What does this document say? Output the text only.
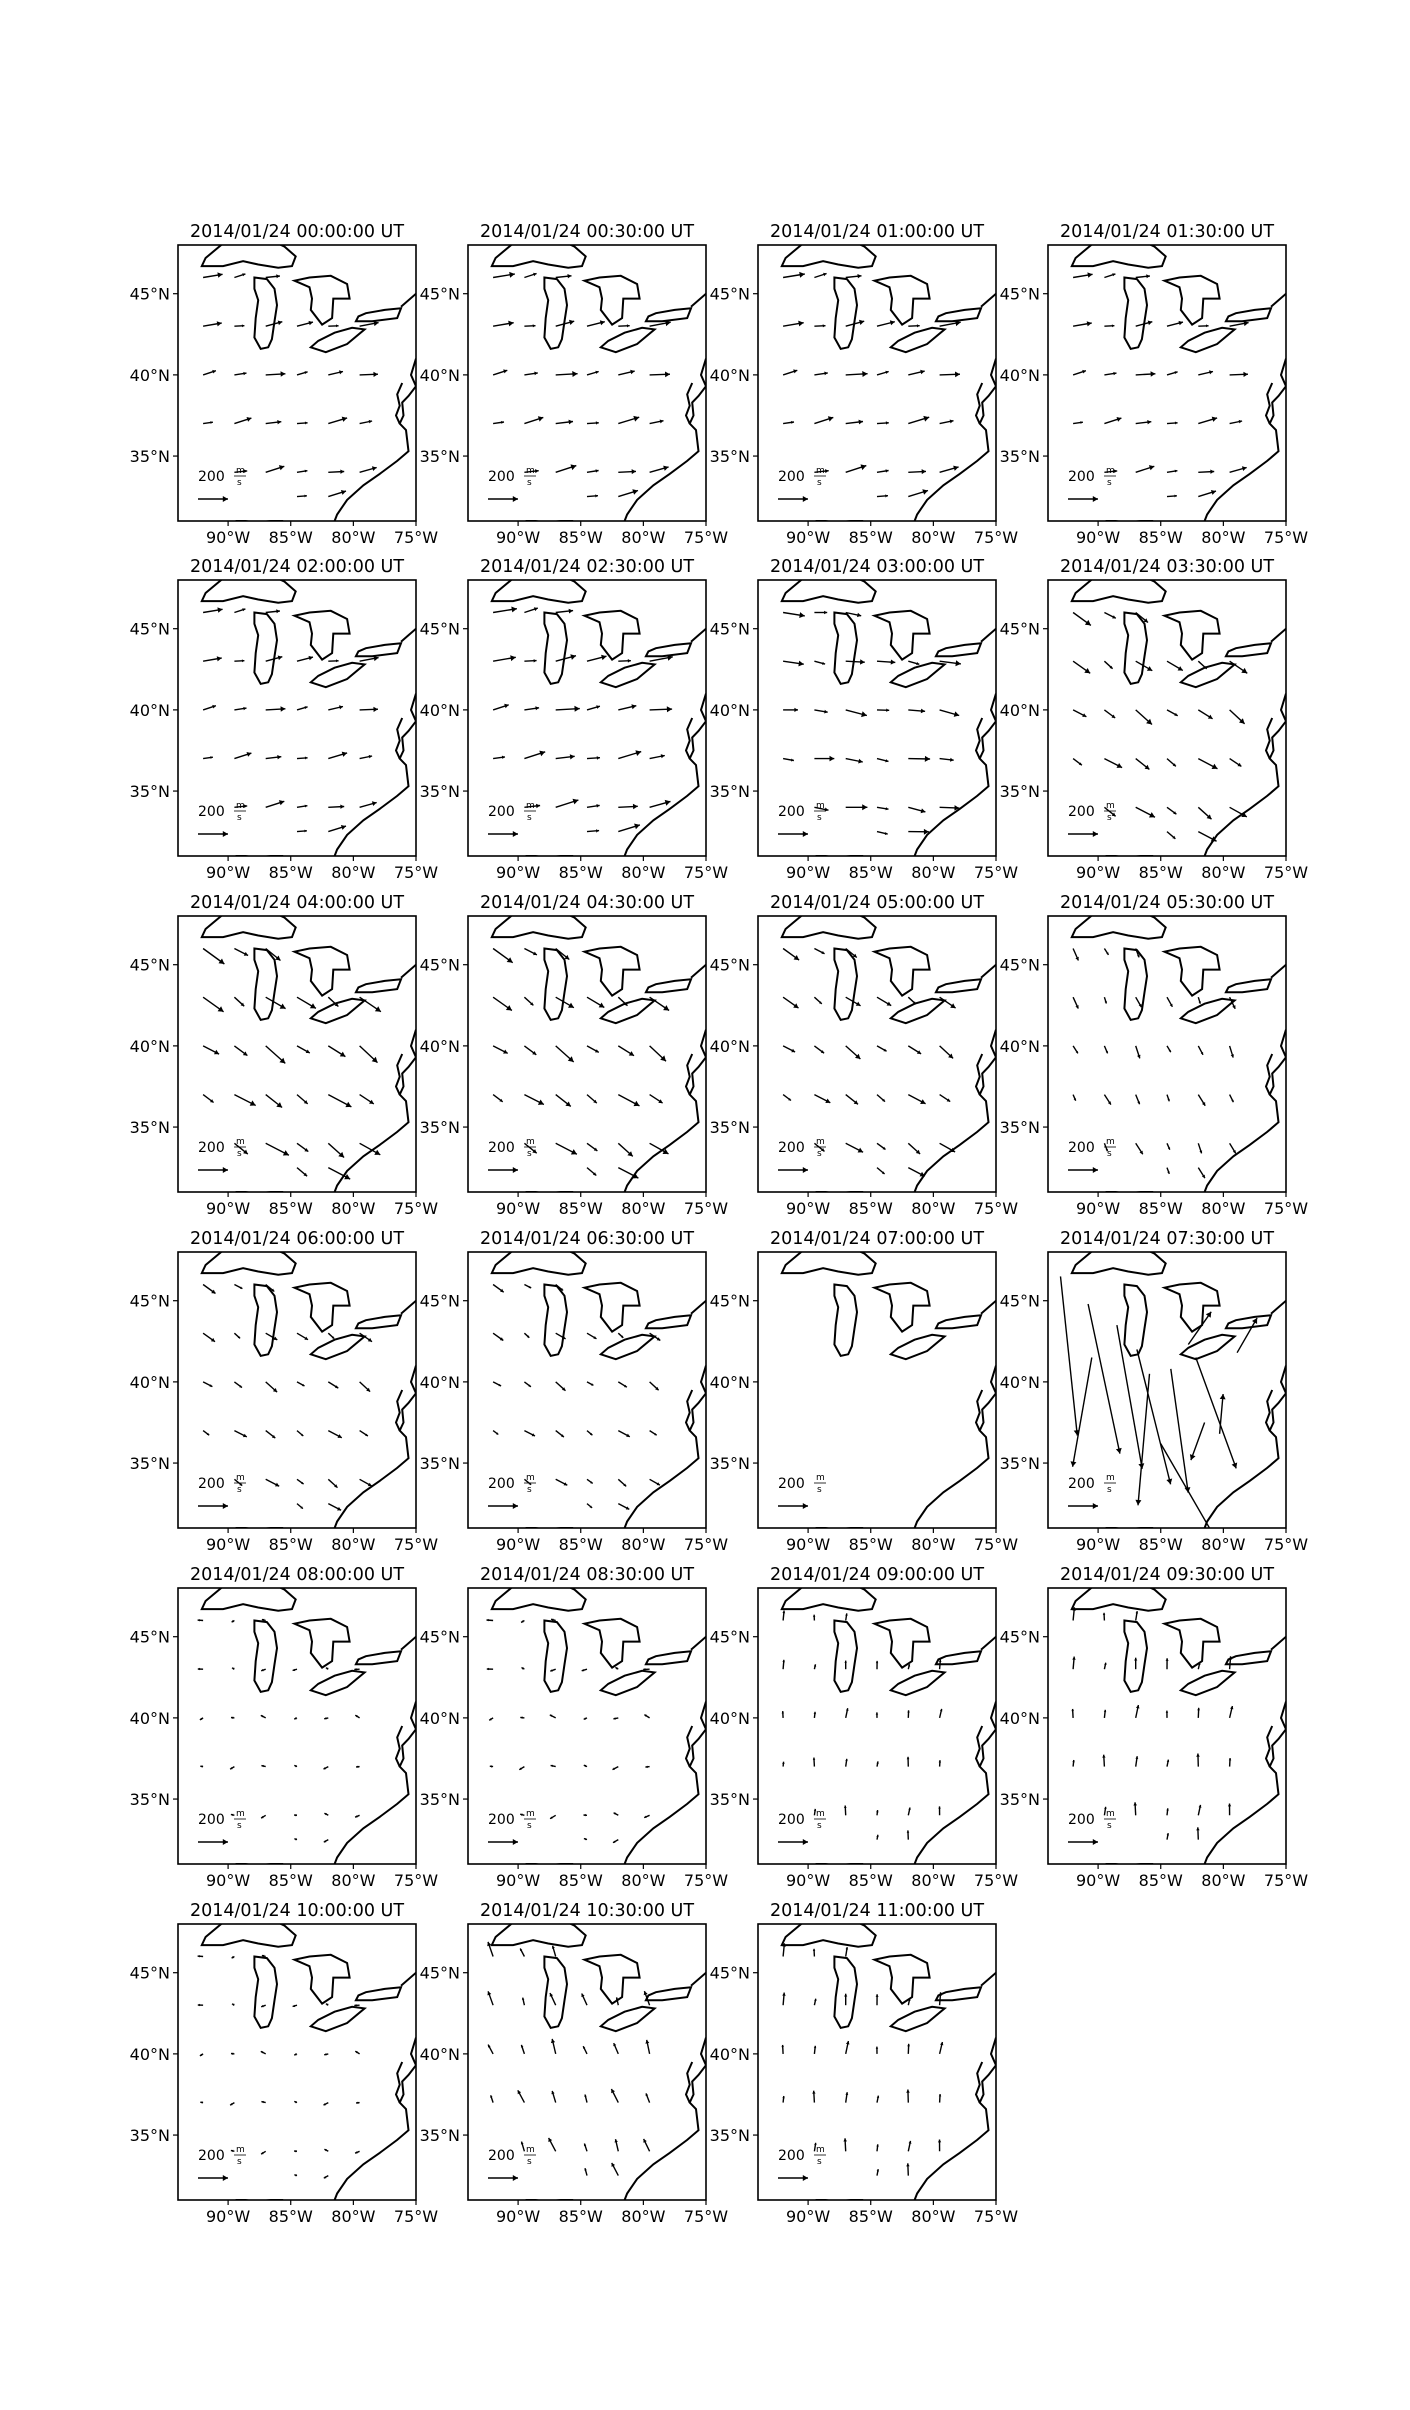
2014/01/24 00:00:00 UT
45°N
40°N
35°N
90°W 85°W 80°W 75°W
200 m
s
2014/01/24 00:30:00 UT
45°N
40°N
35°N
90°W 85°W 80°W 75°W
200 m
s
2014/01/24 01:00:00 UT
45°N
40°N
35°N
90°W 85°W 80°W 75°W
200 m
s
2014/01/24 01:30:00 UT
45°N
40°N
35°N
90°W 85°W 80°W 75°W
200 m
s
2014/01/24 02:00:00 UT
45°N
40°N
35°N
90°W 85°W 80°W 75°W
200 m
s
2014/01/24 02:30:00 UT
45°N
40°N
35°N
90°W 85°W 80°W 75°W
200 m
s
2014/01/24 03:00:00 UT
45°N
40°N
35°N
90°W 85°W 80°W 75°W
200 m
s
2014/01/24 03:30:00 UT
45°N
40°N
35°N
90°W 85°W 80°W 75°W
200 m
s
2014/01/24 04:00:00 UT
45°N
40°N
35°N
90°W 85°W 80°W 75°W
200 m
s
2014/01/24 04:30:00 UT
45°N
40°N
35°N
90°W 85°W 80°W 75°W
200 m
s
2014/01/24 05:00:00 UT
45°N
40°N
35°N
90°W 85°W 80°W 75°W
200 m
s
2014/01/24 05:30:00 UT
45°N
40°N
35°N
90°W 85°W 80°W 75°W
200 m
s
2014/01/24 06:00:00 UT
45°N
40°N
35°N
90°W 85°W 80°W 75°W
200 m
s
2014/01/24 06:30:00 UT
45°N
40°N
35°N
90°W 85°W 80°W 75°W
200 m
s
2014/01/24 07:00:00 UT
45°N
40°N
35°N
90°W 85°W 80°W 75°W
200 m
s
2014/01/24 07:30:00 UT
45°N
40°N
35°N
90°W 85°W 80°W 75°W
200 m
s
2014/01/24 08:00:00 UT
45°N
40°N
35°N
90°W 85°W 80°W 75°W
200 m
s
2014/01/24 08:30:00 UT
45°N
40°N
35°N
90°W 85°W 80°W 75°W
200 m
s
2014/01/24 09:00:00 UT
45°N
40°N
35°N
90°W 85°W 80°W 75°W
200 m
s
2014/01/24 09:30:00 UT
45°N
40°N
35°N
90°W 85°W 80°W 75°W
200 m
s
2014/01/24 10:00:00 UT
45°N
40°N
35°N
90°W 85°W 80°W 75°W
200 m
s
2014/01/24 10:30:00 UT
45°N
40°N
35°N
90°W 85°W 80°W 75°W
200 m
s
2014/01/24 11:00:00 UT
45°N
40°N
35°N
90°W 85°W 80°W 75°W
200 m
s
